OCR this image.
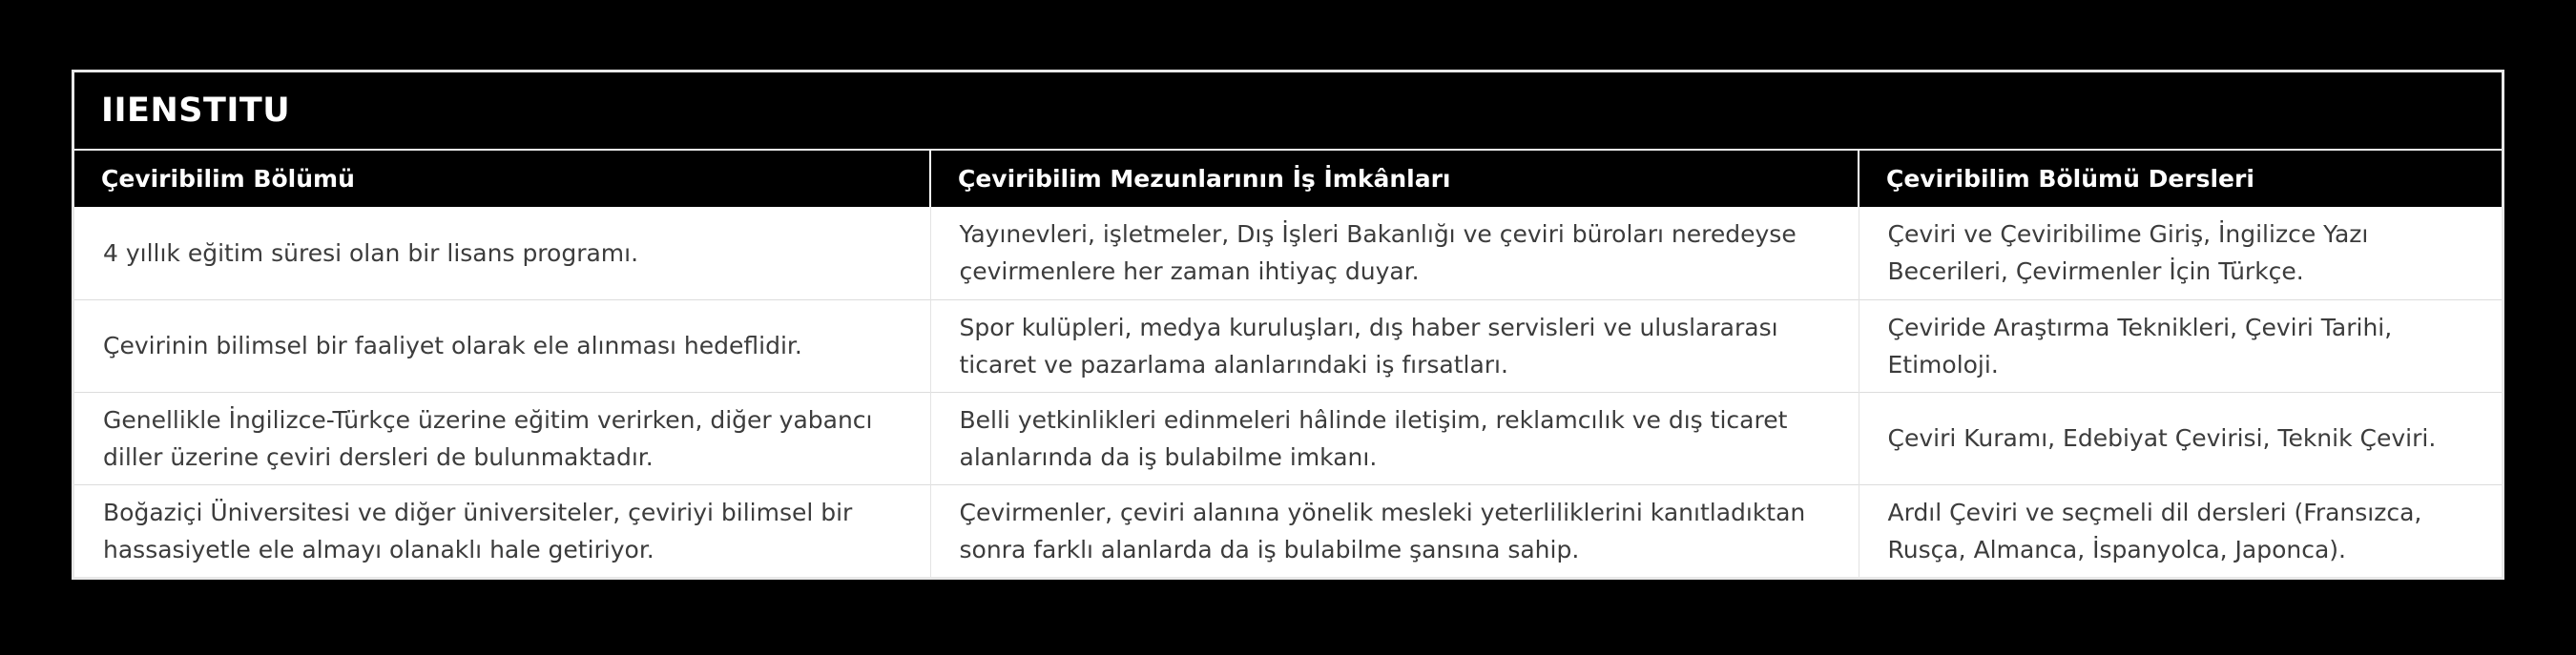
IIENSTITU
Çeviribilim Bölümü	Çeviribilim Mezunlarının İş İmkânları	Çeviribilim Bölümü Dersleri
4 yıllık eğitim süresi olan bir lisans programı.	Yayınevleri, işletmeler, Dış İşleri Bakanlığı ve çeviri büroları neredeyse çevirmenlere her zaman ihtiyaç duyar.	Çeviri ve Çeviribilime Giriş, İngilizce Yazı Becerileri, Çevirmenler İçin Türkçe.
Çevirinin bilimsel bir faaliyet olarak ele alınması hedeflidir.	Spor kulüpleri, medya kuruluşları, dış haber servisleri ve uluslararası ticaret ve pazarlama alanlarındaki iş fırsatları.	Çeviride Araştırma Teknikleri, Çeviri Tarihi, Etimoloji.
Genellikle İngilizce-Türkçe üzerine eğitim verirken, diğer yabancı diller üzerine çeviri dersleri de bulunmaktadır.	Belli yetkinlikleri edinmeleri hâlinde iletişim, reklamcılık ve dış ticaret alanlarında da iş bulabilme imkanı.	Çeviri Kuramı, Edebiyat Çevirisi, Teknik Çeviri.
Boğaziçi Üniversitesi ve diğer üniversiteler, çeviriyi bilimsel bir hassasiyetle ele almayı olanaklı hale getiriyor.	Çevirmenler, çeviri alanına yönelik mesleki yeterliliklerini kanıtladıktan sonra farklı alanlarda da iş bulabilme şansına sahip.	Ardıl Çeviri ve seçmeli dil dersleri (Fransızca, Rusça, Almanca, İspanyolca, Japonca).
